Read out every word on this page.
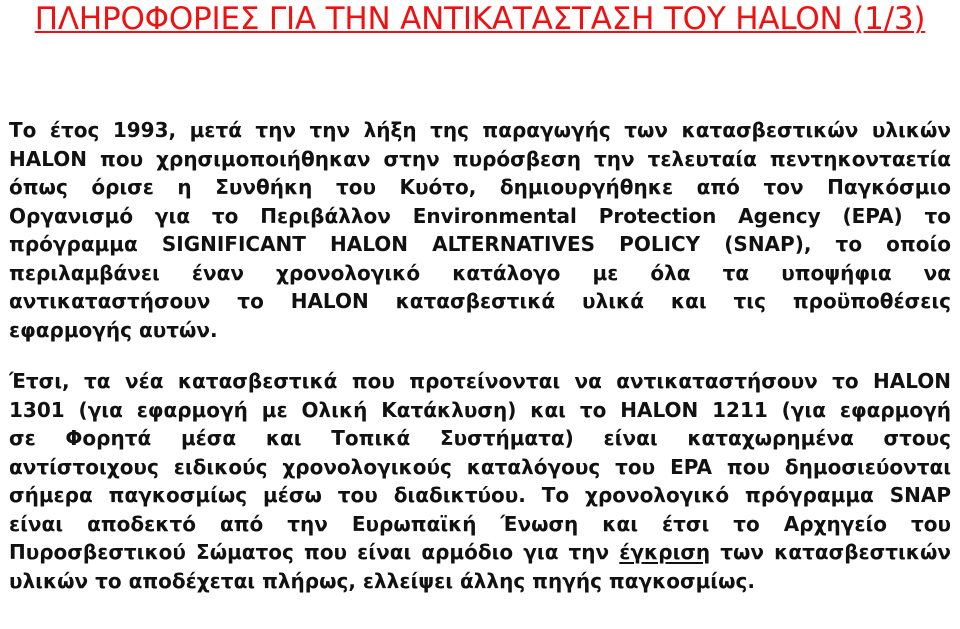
ΠΛΗΡΟΦΟΡΙΕΣ ΓΙΑ ΤΗΝ ΑΝΤΙΚΑΤΑΣΤΑΣΗ ΤΟΥ HALON (1/3)
Το έτος 1993, μετά την την λήξη της παραγωγής των κατασβεστικών υλικών
HALON που χρησιμοποιήθηκαν στην πυρόσβεση την τελευταία πεντηκονταετία
όπως όρισε η Συνθήκη του Κυότο, δημιουργήθηκε από τον Παγκόσμιο
Οργανισμό για το Περιβάλλον Environmental Protection Agency (EPA) το
πρόγραμμα SIGNIFICANT HALON ALTERNATIVES POLICY (SNAP), το οποίο
περιλαμβάνει έναν χρονολογικό κατάλογο με όλα τα υποψήφια να
αντικαταστήσουν το HALON κατασβεστικά υλικά και τις προϋποθέσεις
εφαρμογής αυτών.
Έτσι, τα νέα κατασβεστικά που προτείνονται να αντικαταστήσουν το HALON
1301 (για εφαρμογή με Ολική Κατάκλυση) και το HALON 1211 (για εφαρμογή
σε Φορητά μέσα και Τοπικά Συστήματα) είναι καταχωρημένα στους
αντίστοιχους ειδικούς χρονολογικούς καταλόγους του EPA που δημοσιεύονται
σήμερα παγκοσμίως μέσω του διαδικτύου. Το χρονολογικό πρόγραμμα SNAP
είναι αποδεκτό από την Ευρωπαϊκή Ένωση και έτσι το Αρχηγείο του
Πυροσβεστικού Σώματος που είναι αρμόδιο για την έγκριση των κατασβεστικών
υλικών το αποδέχεται πλήρως, ελλείψει άλλης πηγής παγκοσμίως.
